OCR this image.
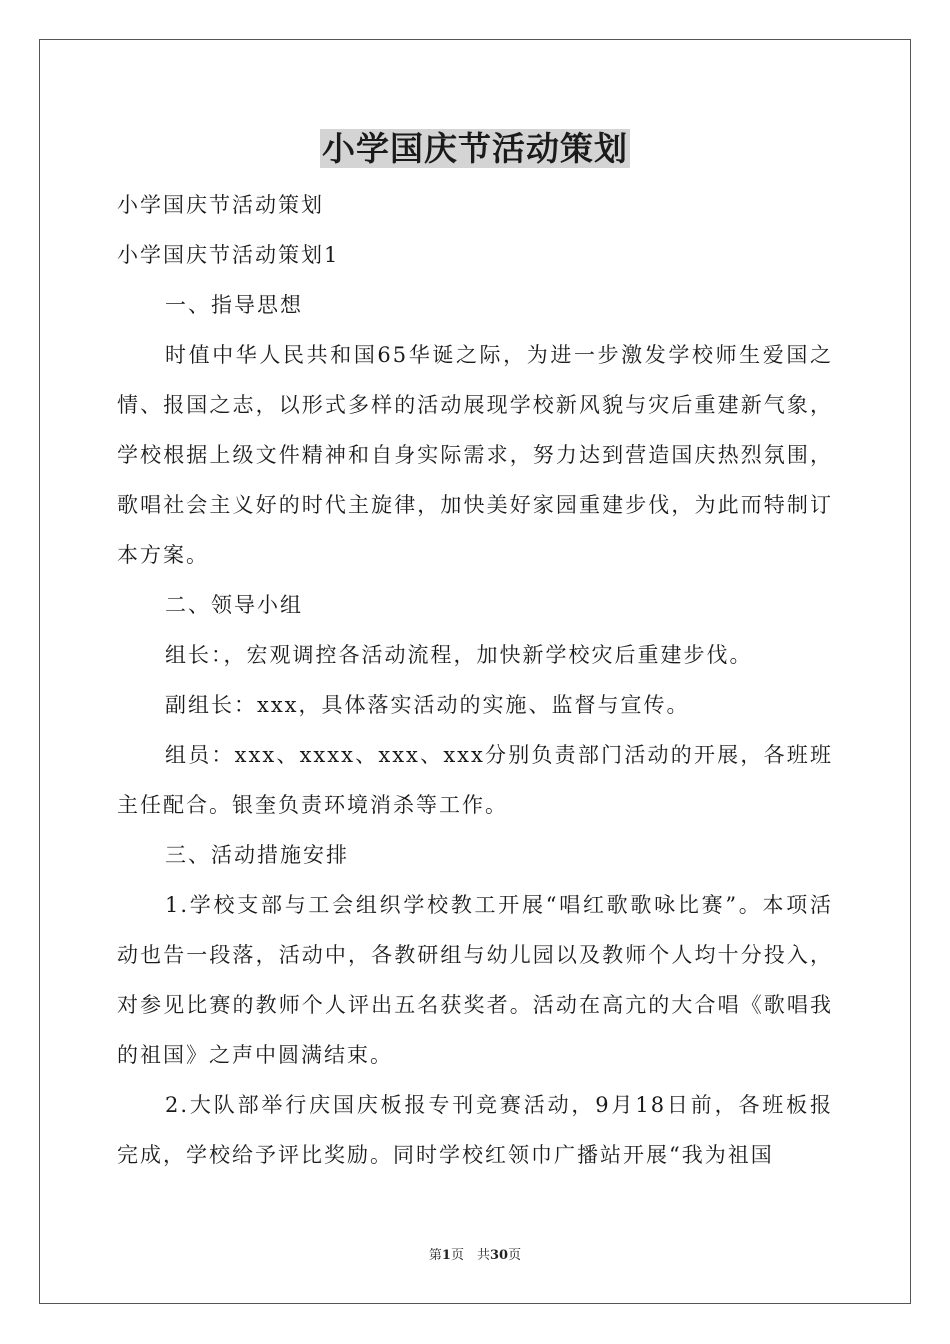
小学国庆节活动策划

小学国庆节活动策划

小学国庆节活动策划1

一、指导思想

时值中华人民共和国65华诞之际，为进一步激发学校师生爱国之情、报国之志，以形式多样的活动展现学校新风貌与灾后重建新气象，学校根据上级文件精神和自身实际需求，努力达到营造国庆热烈氛围，歌唱社会主义好的时代主旋律，加快美好家园重建步伐，为此而特制订本方案。

二、领导小组

组长：，宏观调控各活动流程，加快新学校灾后重建步伐。

副组长：xxx，具体落实活动的实施、监督与宣传。

组员：xxx、xxxx、xxx、xxx分别负责部门活动的开展，各班班主任配合。银奎负责环境消杀等工作。

三、活动措施安排

1.学校支部与工会组织学校教工开展“唱红歌歌咏比赛”。本项活动也告一段落，活动中，各教研组与幼儿园以及教师个人均十分投入，对参见比赛的教师个人评出五名获奖者。活动在高亢的大合唱《歌唱我的祖国》之声中圆满结束。

2.大队部举行庆国庆板报专刊竞赛活动，9月18日前，各班板报完成，学校给予评比奖励。同时学校红领巾广播站开展“我为祖国

第1页　共30页
